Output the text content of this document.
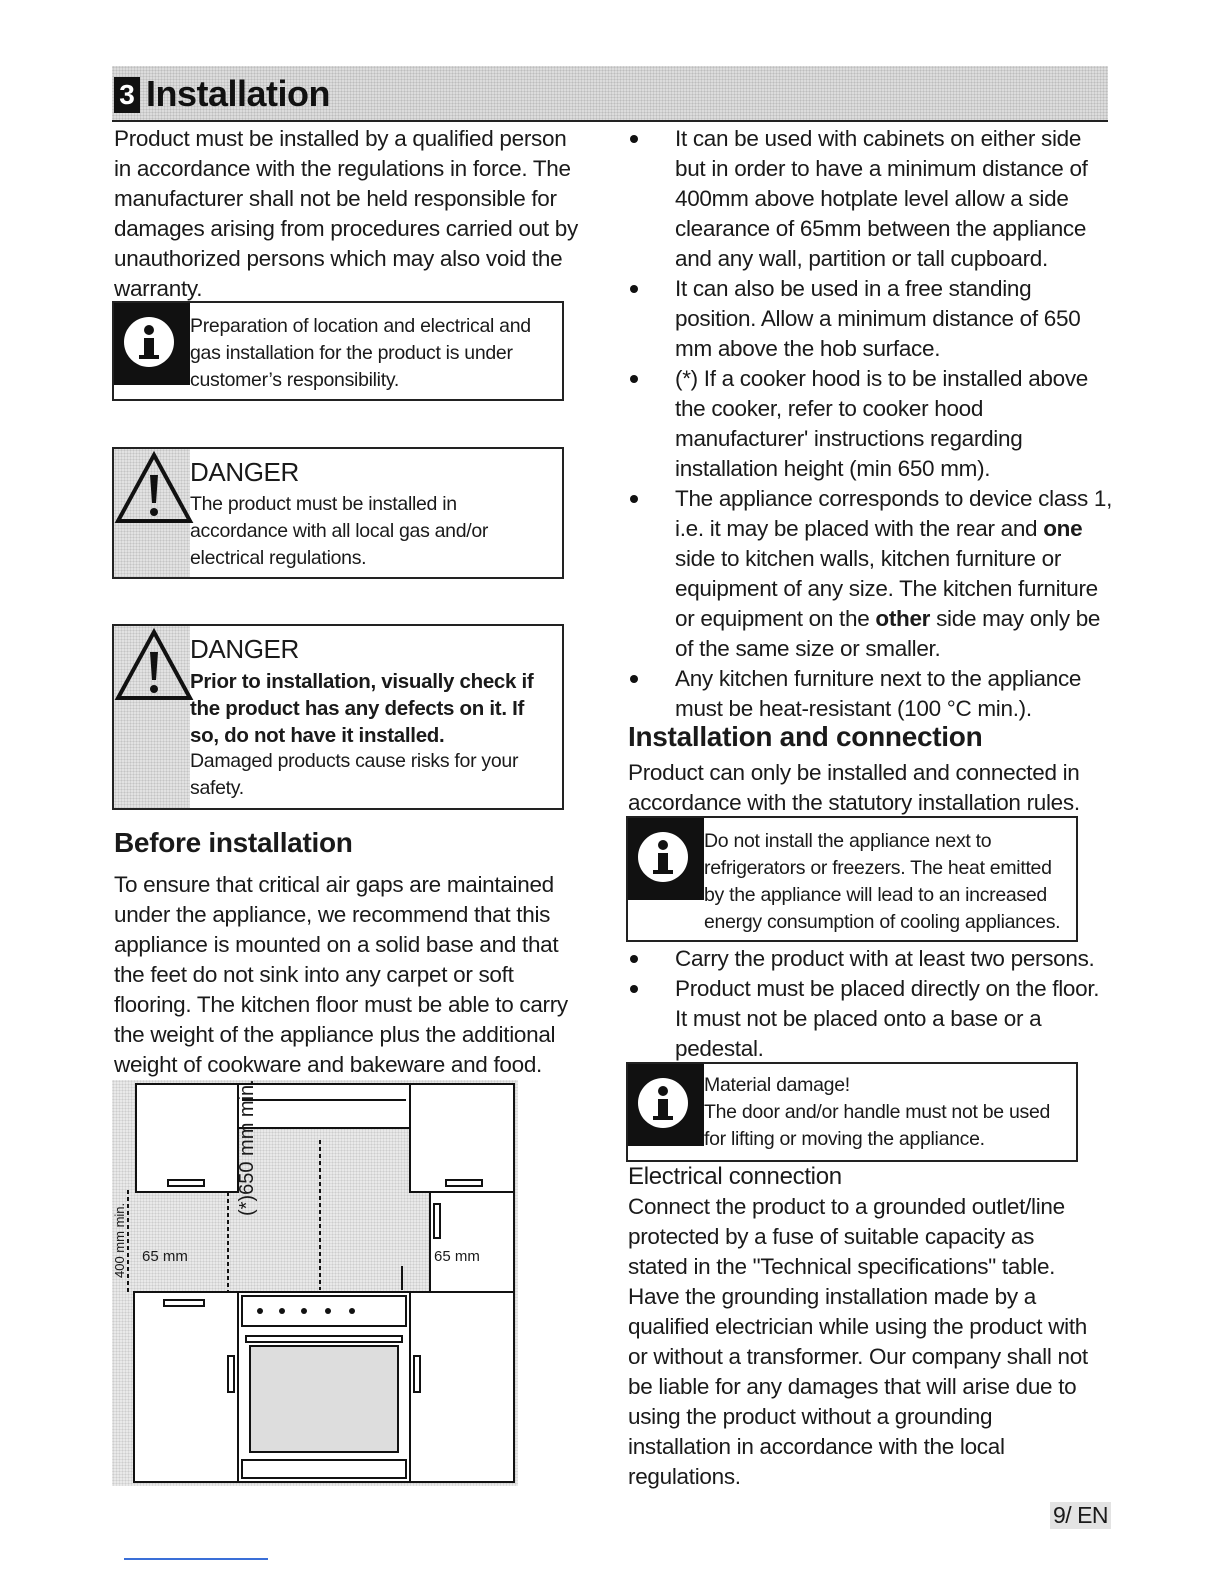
3 Installation

Product must be installed by a qualified person in accordance with the regulations in force. The manufacturer shall not be held responsible for damages arising from procedures carried out by unauthorized persons which may also void the warranty.

Preparation of location and electrical and gas installation for the product is under customer’s responsibility.
DANGER
The product must be installed in accordance with all local gas and/or electrical regulations.
DANGER
Prior to installation, visually check if the product has any defects on it. If so, do not have it installed.
Damaged products cause risks for your safety.
Before installation

To ensure that critical air gaps are maintained under the appliance, we recommend that this appliance is mounted on a solid base and that the feet do not sink into any carpet or soft flooring. The kitchen floor must be able to carry the weight of the appliance plus the additional weight of cookware and bakeware and food.

65 mm	65 mm
(*)650 mm min.
400 mm min.
It can be used with cabinets on either side but in order to have a minimum distance of 400mm above hotplate level allow a side clearance of 65mm between the appliance and any wall, partition or tall cupboard.
It can also be used in a free standing position. Allow a minimum distance of 650 mm above the hob surface.
(*) If a cooker hood is to be installed above the cooker, refer to cooker hood manufacturer' instructions regarding installation height (min 650 mm).
The appliance corresponds to device class 1, i.e. it may be placed with the rear and one side to kitchen walls, kitchen furniture or equipment of any size. The kitchen furniture or equipment on the other side may only be of the same size or smaller.
Any kitchen furniture next to the appliance must be heat-resistant (100 °C min.).
Installation and connection

Product can only be installed and connected in accordance with the statutory installation rules.

Do not install the appliance next to refrigerators or freezers. The heat emitted by the appliance will lead to an increased energy consumption of cooling appliances.
Carry the product with at least two persons.
Product must be placed directly on the floor. It must not be placed onto a base or a pedestal.
Material damage!
The door and/or handle must not be used for lifting or moving the appliance.
Electrical connection

Connect the product to a grounded outlet/line protected by a fuse of suitable capacity as stated in the "Technical specifications" table. Have the grounding installation made by a qualified electrician while using the product with or without a transformer. Our company shall not be liable for any damages that will arise due to using the product without a grounding installation in accordance with the local regulations.

9/ EN
